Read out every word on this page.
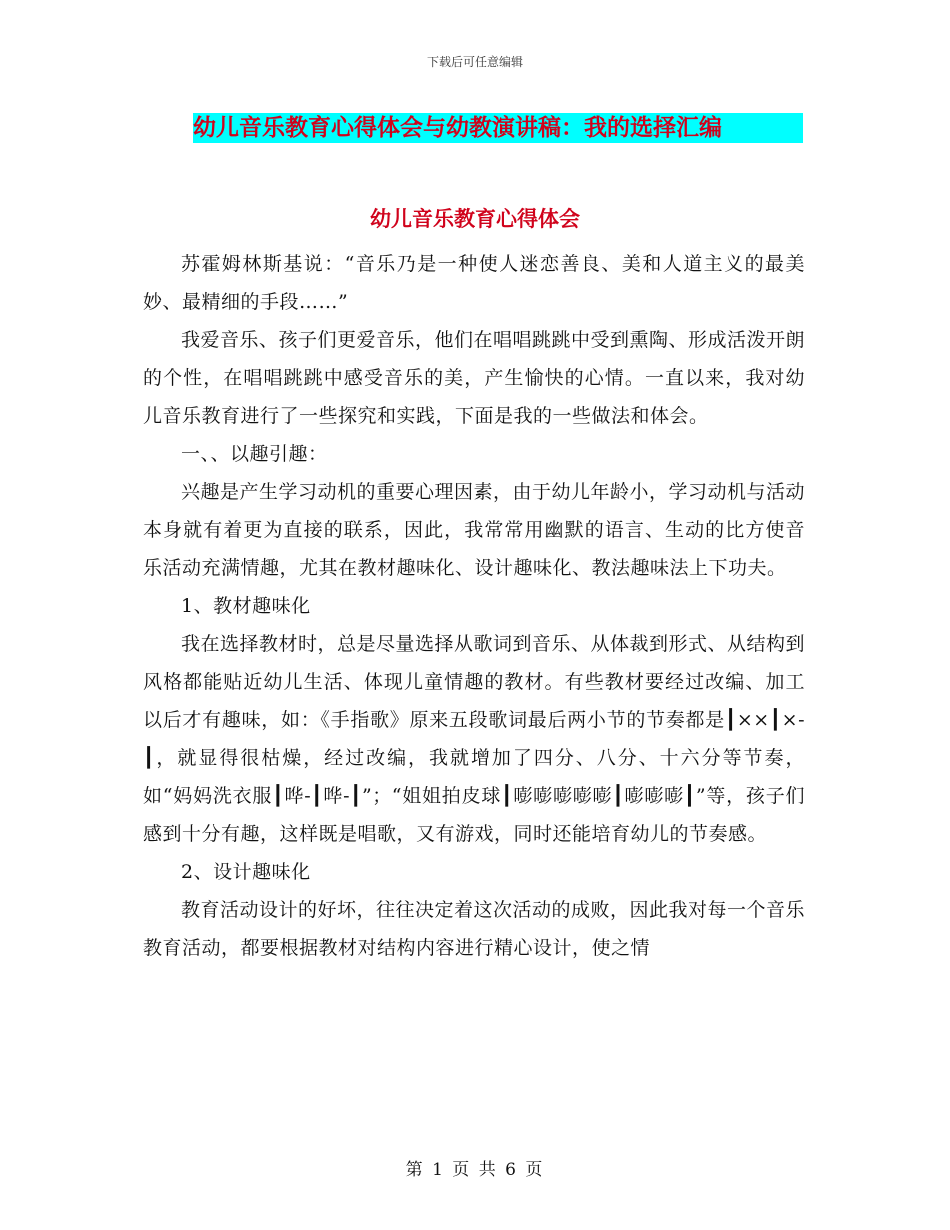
下载后可任意编辑
幼儿音乐教育心得体会与幼教演讲稿：我的选择汇编
幼儿音乐教育心得体会

苏霍姆林斯基说：“音乐乃是一种使人迷恋善良、美和人道主义的最美妙、最精细的手段……”

我爱音乐、孩子们更爱音乐，他们在唱唱跳跳中受到熏陶、形成活泼开朗的个性，在唱唱跳跳中感受音乐的美，产生愉快的心情。一直以来，我对幼儿音乐教育进行了一些探究和实践，下面是我的一些做法和体会。

一、、以趣引趣：

兴趣是产生学习动机的重要心理因素，由于幼儿年龄小，学习动机与活动本身就有着更为直接的联系，因此，我常常用幽默的语言、生动的比方使音乐活动充满情趣，尤其在教材趣味化、设计趣味化、教法趣味法上下功夫。

1、教材趣味化

我在选择教材时，总是尽量选择从歌词到音乐、从体裁到形式、从结构到风格都能贴近幼儿生活、体现儿童情趣的教材。有些教材要经过改编、加工以后才有趣味，如：《手指歌》原来五段歌词最后两小节的节奏都是┃××┃×-┃，就显得很枯燥，经过改编，我就增加了四分、八分、十六分等节奏，如“妈妈洗衣服┃哗-┃哗-┃”；“姐姐拍皮球┃嘭嘭嘭嘭嘭┃嘭嘭嘭┃”等，孩子们感到十分有趣，这样既是唱歌，又有游戏，同时还能培育幼儿的节奏感。

2、设计趣味化

教育活动设计的好坏，往往决定着这次活动的成败，因此我对每一个音乐教育活动，都要根据教材对结构内容进行精心设计，使之情

第 1 页 共 6 页
